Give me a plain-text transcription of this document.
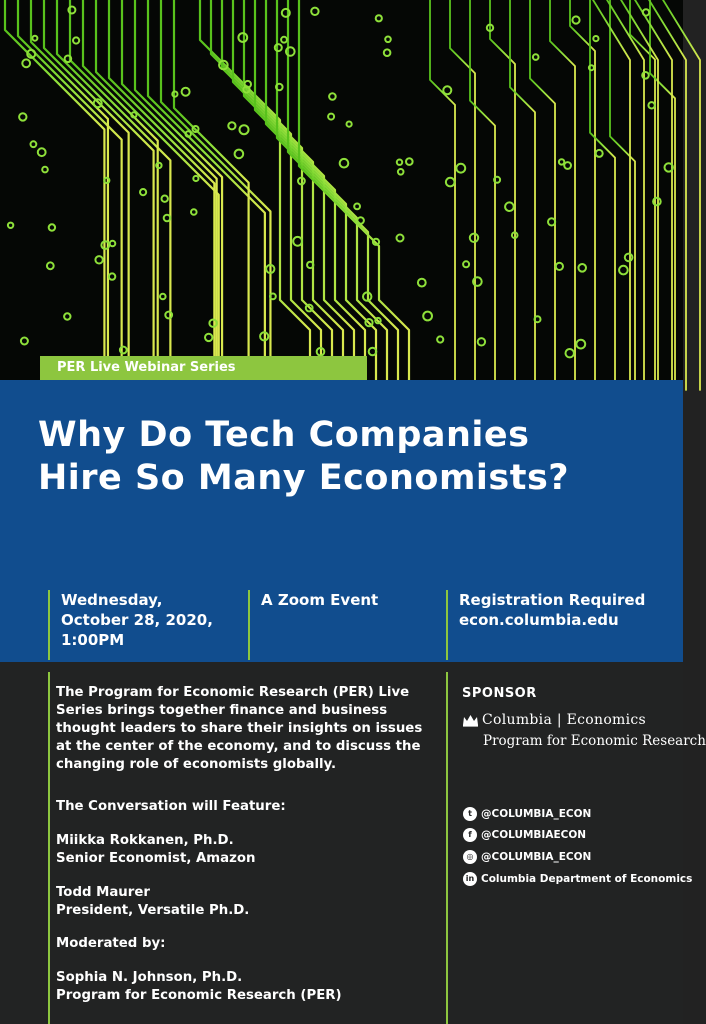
PER Live Webinar Series
Why Do Tech Companies
Hire So Many Economists?
Wednesday,
October 28, 2020,
1:00PM
A Zoom Event	Registration Required
econ.columbia.edu
The Program for Economic Research (PER) Live Series brings together finance and business thought leaders to share their insights on issues at the center of the economy, and to discuss the changing role of economists globally.
The Conversation will Feature:
Miikka Rokkanen, Ph.D.
Senior Economist, Amazon
Todd Maurer
President, Versatile Ph.D.
Moderated by:
Sophia N. Johnson, Ph.D.
Program for Economic Research (PER)
SPONSOR
Columbia | Economics
Program for Economic Research
t @COLUMBIA_ECON
f @COLUMBIAECON
◎ @COLUMBIA_ECON
in Columbia Department of Economics
